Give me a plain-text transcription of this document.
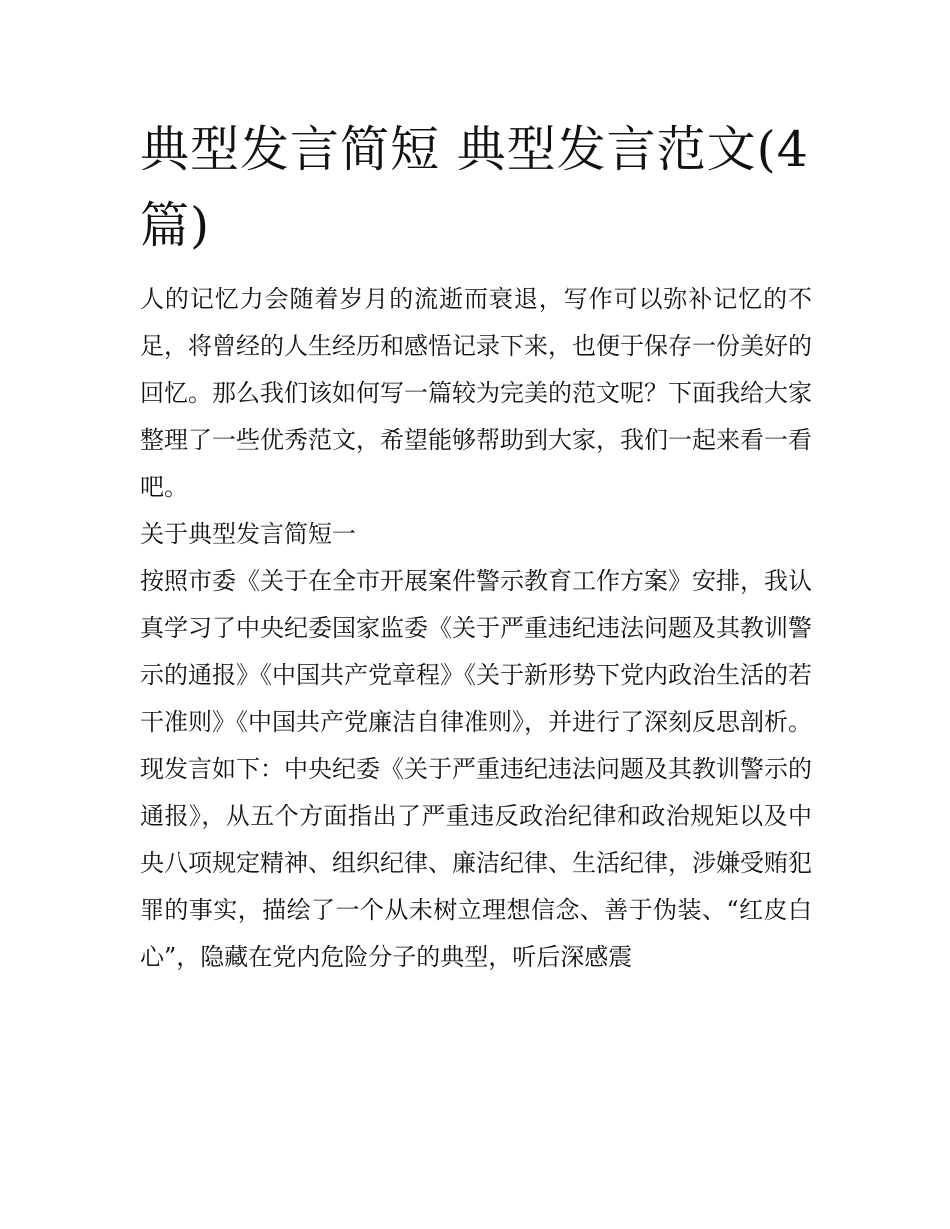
典型发言简短 典型发言范文(4篇)

人的记忆力会随着岁月的流逝而衰退，写作可以弥补记忆的不足，将曾经的人生经历和感悟记录下来，也便于保存一份美好的回忆。那么我们该如何写一篇较为完美的范文呢？下面我给大家整理了一些优秀范文，希望能够帮助到大家，我们一起来看一看吧。

关于典型发言简短一

按照市委《关于在全市开展案件警示教育工作方案》安排，我认真学习了中央纪委国家监委《关于严重违纪违法问题及其教训警示的通报》《中国共产党章程》《关于新形势下党内政治生活的若干准则》《中国共产党廉洁自律准则》，并进行了深刻反思剖析。

现发言如下：中央纪委《关于严重违纪违法问题及其教训警示的通报》，从五个方面指出了严重违反政治纪律和政治规矩以及中央八项规定精神、组织纪律、廉洁纪律、生活纪律，涉嫌受贿犯罪的事实，描绘了一个从未树立理想信念、善于伪装、“红皮白心”，隐藏在党内危险分子的典型，听后深感震
